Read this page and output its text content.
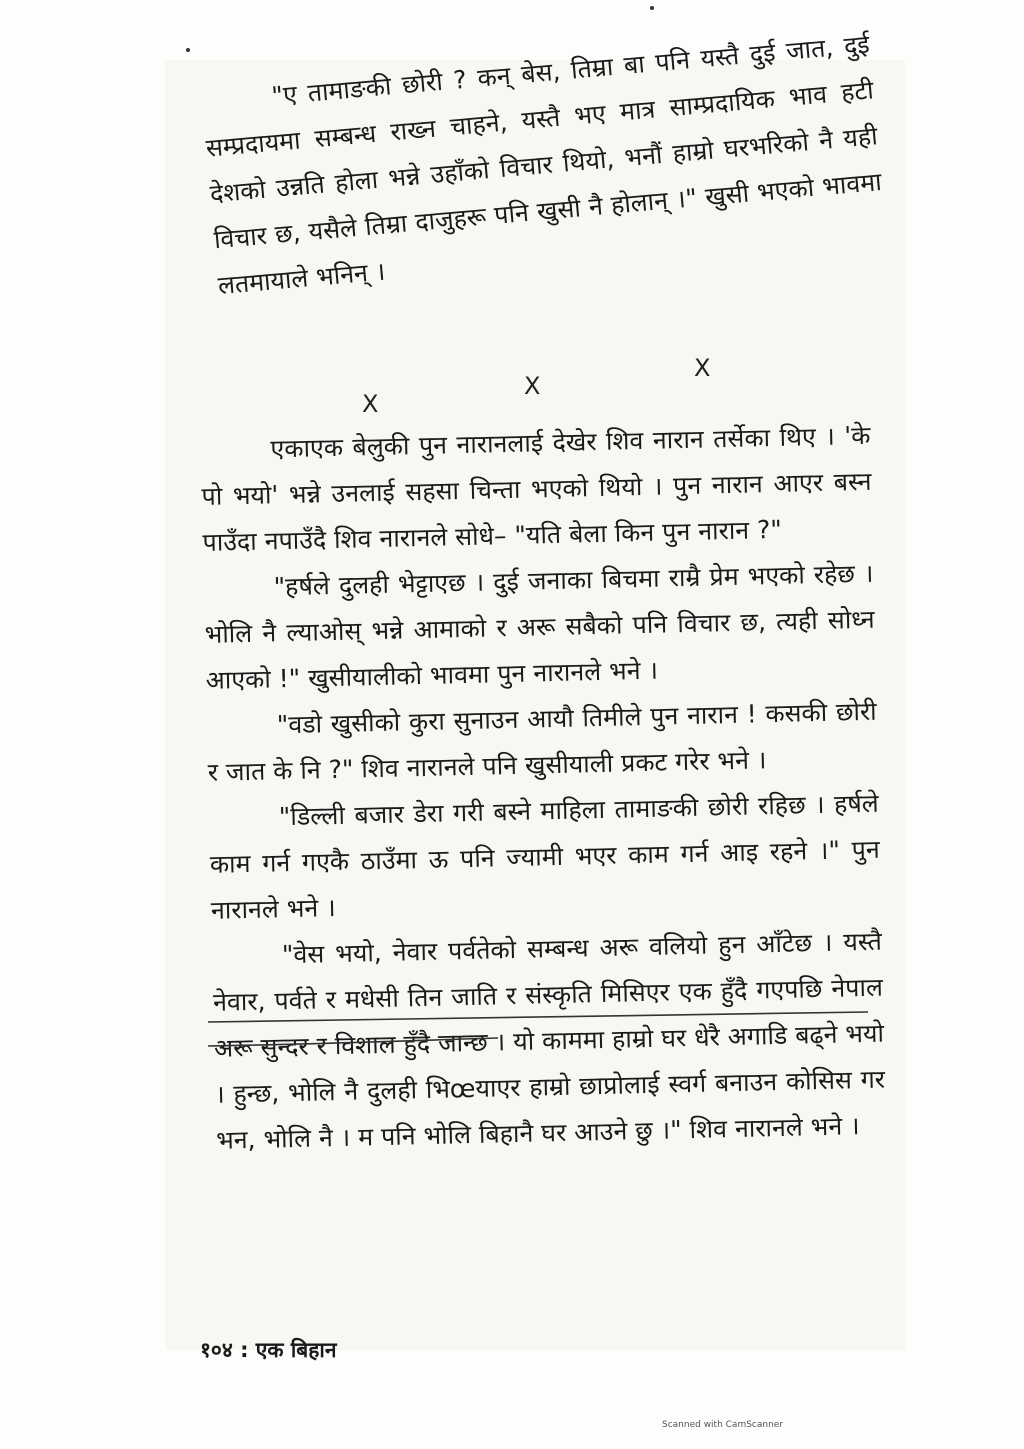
"ए तामाङकी छोरी ? कन् बेस, तिम्रा बा पनि यस्तै दुई जात, दुई सम्प्रदायमा सम्बन्ध राख्न चाहने, यस्तै भए मात्र साम्प्रदायिक भाव हटी देशको उन्नति होला भन्ने उहाँको विचार थियो, भनौं हाम्रो घरभरिको नै यही विचार छ, यसैले तिम्रा दाजुहरू पनि खुसी नै होलान् ।" खुसी भएको भावमा लतमायाले भनिन् ।

X
X
X

एकाएक बेलुकी पुन नारानलाई देखेर शिव नारान तर्सेका थिए । 'के पो भयो' भन्ने उनलाई सहसा चिन्ता भएको थियो । पुन नारान आएर बस्न पाउँदा नपाउँदै शिव नारानले सोधे– "यति बेला किन पुन नारान ?"

"हर्षले दुलही भेट्टाएछ । दुई जनाका बिचमा राम्रै प्रेम भएको रहेछ । भोलि नै ल्याओस् भन्ने आमाको र अरू सबैको पनि विचार छ, त्यही सोध्न आएको !" खुसीयालीको भावमा पुन नारानले भने ।

"वडो खुसीको कुरा सुनाउन आयौ तिमीले पुन नारान ! कसकी छोरी र जात के नि ?" शिव नारानले पनि खुसीयाली प्रकट गरेर भने ।

"डिल्ली बजार डेरा गरी बस्ने माहिला तामाङकी छोरी रहिछ । हर्षले काम गर्न गएकै ठाउँमा ऊ पनि ज्यामी भएर काम गर्न आइ रहने ।" पुन नारानले भने ।

"वेस भयो, नेवार पर्वतेको सम्बन्ध अरू वलियो हुन आँटेछ । यस्तै नेवार, पर्वते र मधेसी तिन जाति र संस्कृति मिसिएर एक हुँदै गएपछि नेपाल अरू सुन्दर र विशाल हुँदै जान्छ । यो काममा हाम्रो घर धेरै अगाडि बढ्ने भयो । हुन्छ, भोलि नै दुलही भिœयाएर हाम्रो छाप्रोलाई स्वर्ग बनाउन कोसिस गर भन, भोलि नै । म पनि भोलि बिहानै घर आउने छु ।" शिव नारानले भने ।

१०४ : एक बिहान
Scanned with CamScanner
